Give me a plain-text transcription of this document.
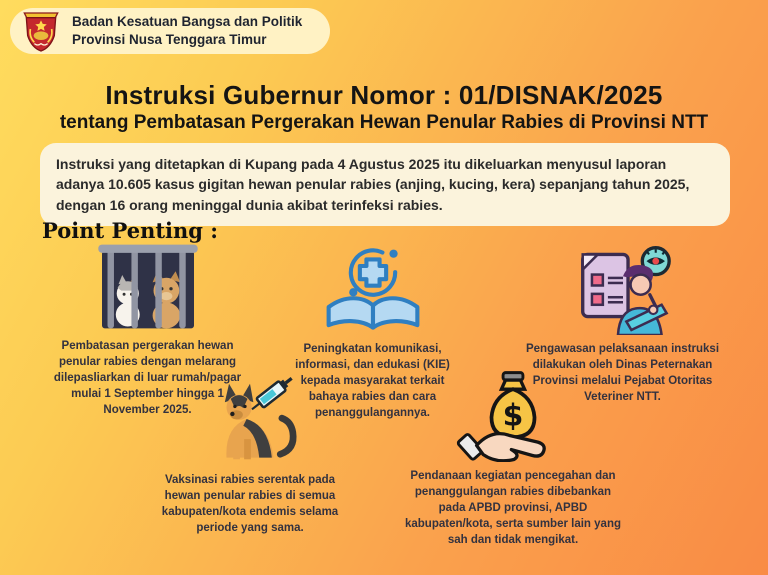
Badan Kesatuan Bangsa dan Politik
Provinsi Nusa Tenggara Timur
Instruksi Gubernur Nomor : 01/DISNAK/2025
tentang Pembatasan Pergerakan Hewan Penular Rabies di Provinsi NTT
Instruksi yang ditetapkan di Kupang pada 4 Agustus 2025 itu dikeluarkan menyusul laporan adanya 10.605 kasus gigitan hewan penular rabies (anjing, kucing, kera) sepanjang tahun 2025, dengan 16 orang meninggal dunia akibat terinfeksi rabies.
Point Penting :

Pembatasan pergerakan hewan penular rabies dengan melarang dilepasliarkan di luar rumah/pagar mulai 1 September hingga 1 November 2025.

Peningkatan komunikasi, informasi, dan edukasi (KIE) kepada masyarakat terkait bahaya rabies dan cara penanggulangannya.

Pengawasan pelaksanaan instruksi dilakukan oleh Dinas Peternakan Provinsi melalui Pejabat Otoritas Veteriner NTT.

Vaksinasi rabies serentak pada hewan penular rabies di semua kabupaten/kota endemis selama periode yang sama.

$

Pendanaan kegiatan pencegahan dan penanggulangan rabies dibebankan pada APBD provinsi, APBD kabupaten/kota, serta sumber lain yang sah dan tidak mengikat.
